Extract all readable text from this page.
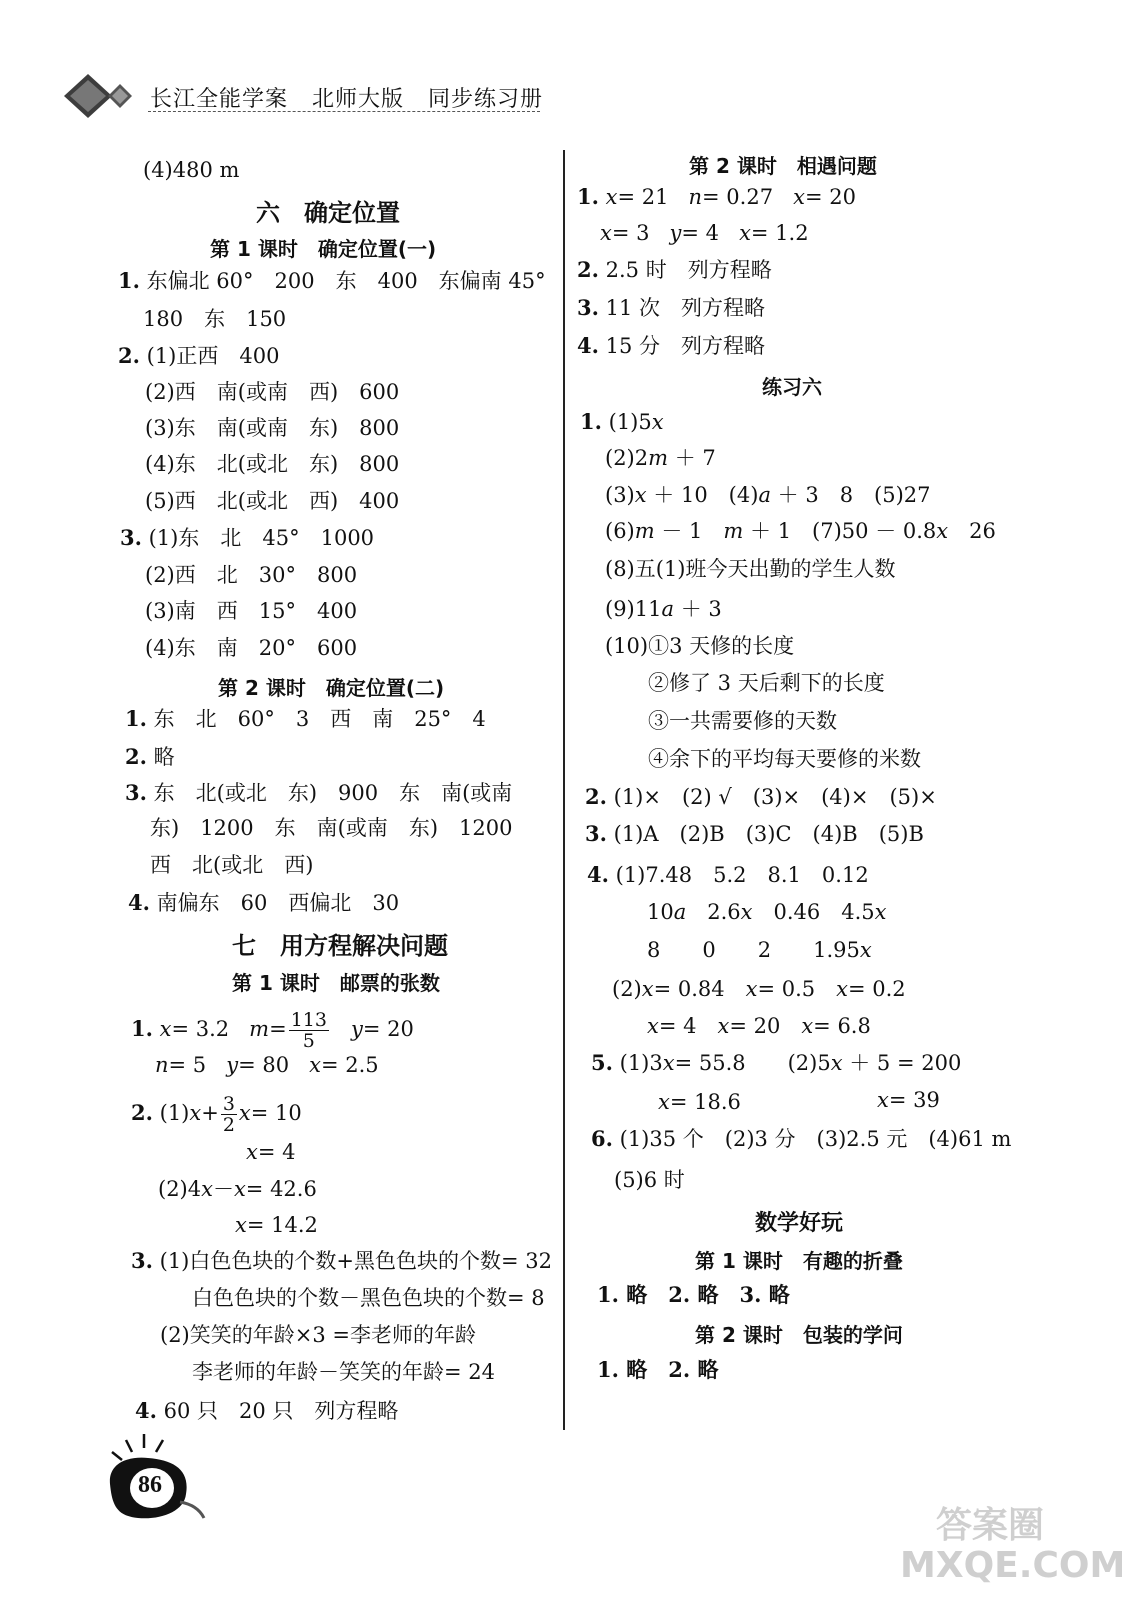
长江全能学案 北师大版 同步练习册
(4)480 m
六　确定位置
第 1 课时　确定位置(一)
1. 东偏北 60°　200　东　400　东偏南 45°
180　东　150
2. (1)正西　400
(2)西　南(或南　西)　600
(3)东　南(或南　东)　800
(4)东　北(或北　东)　800
(5)西　北(或北　西)　400
3. (1)东　北　45°　1000
(2)西　北　30°　800
(3)南　西　15°　400
(4)东　南　20°　600
第 2 课时　确定位置(二)
1. 东　北　60°　3　西　南　25°　4
2. 略
3. 东　北(或北　东)　900　东　南(或南
东)　1200　东　南(或南　东)　1200
西　北(或北　西)
4. 南偏东　60　西偏北　30
七　用方程解决问题
第 1 课时　邮票的张数
1. x= 3.2 $m= \frac{113}{5} y= 20$
n= 5 y= 80 x= 2.5
2. $(1)x+ \frac{3}{2} x= 10$
x= 4
(2)4x－x= 42.6
x= 14.2
3. (1)白色色块的个数+黑色色块的个数= 32
白色色块的个数－黑色色块的个数= 8
(2)笑笑的年龄×3 =李老师的年龄
李老师的年龄－笑笑的年龄= 24
4. 60 只　20 只　列方程略
86
第 2 课时　相遇问题
1. x= 21 n= 0.27 x= 20
x= 3 y= 4 x= 1.2
2. 2.5 时　列方程略
3. 11 次　列方程略
4. 15 分　列方程略
练习六
1. (1)5x
(2)2m ＋ 7
(3)x ＋ 10　(4)a ＋ 3　8　(5)27
(6)m － 1　m ＋ 1　(7)50 － 0.8x　26
(8)五(1)班今天出勤的学生人数
(9)11a ＋ 3
(10)①3 天修的长度
②修了 3 天后剩下的长度
③一共需要修的天数
④余下的平均每天要修的米数
2. (1)×　(2) √　(3)×　(4)×　(5)×
3. (1)A　(2)B　(3)C　(4)B　(5)B
4. (1)7.48　5.2　8.1　0.12
10a　2.6x　0.46　4.5x
8　　0　　2　　1.95x
(2)x= 0.84　x= 0.5　x= 0.2
x= 4　x= 20　x= 6.8
5. (1)3x= 55.8　　(2)5x ＋ 5 = 200
x= 18.6	x= 39
6. (1)35 个　(2)3 分　(3)2.5 元　(4)61 m
(5)6 时
数学好玩
第 1 课时　有趣的折叠
1. 略　2. 略　3. 略
第 2 课时　包装的学问
1. 略　2. 略
答案圈 MXQE.COM
